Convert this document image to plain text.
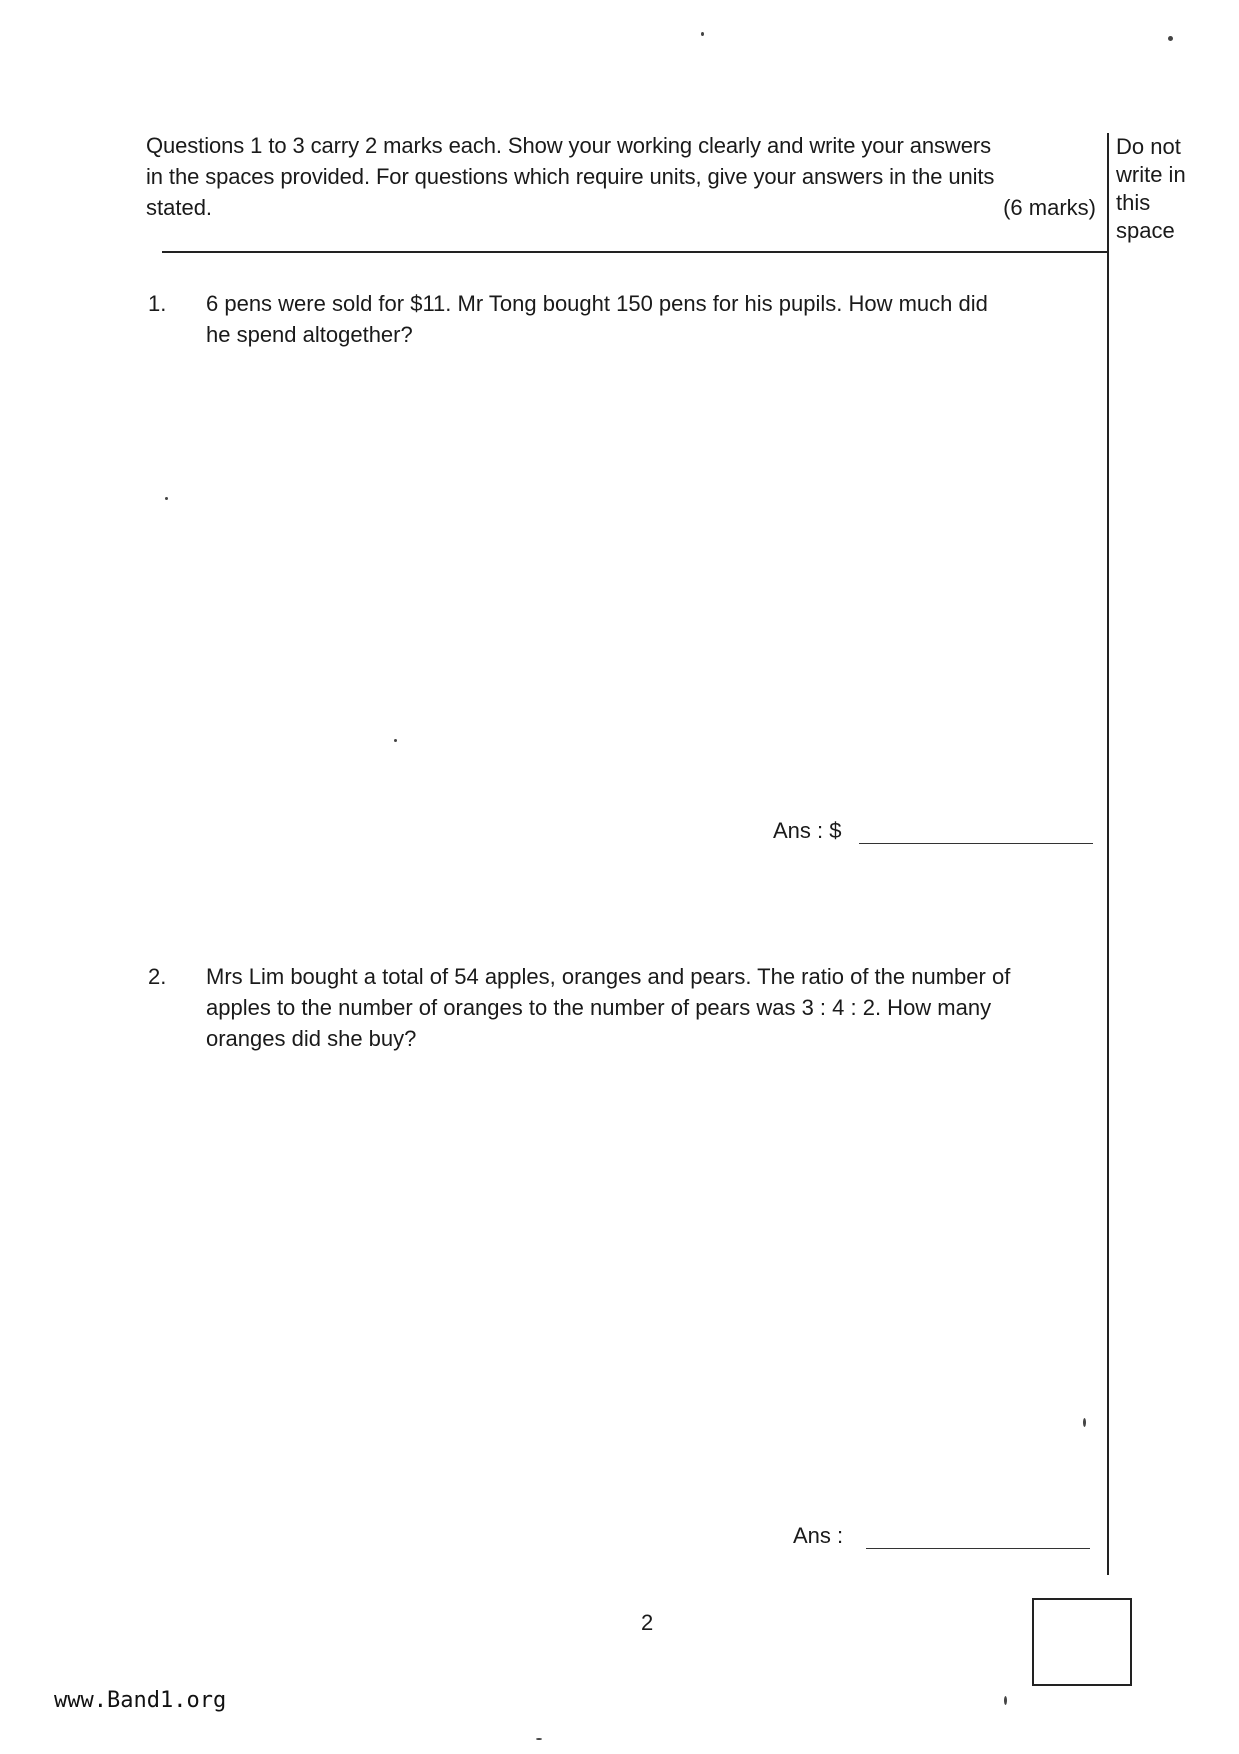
Questions 1 to 3 carry 2 marks each. Show your working clearly and write your answers
in the spaces provided. For questions which require units, give your answers in the units
stated.	(6 marks)
Do not
write in
this
space
1. 6 pens were sold for $11. Mr Tong bought 150 pens for his pupils. How much did
he spend altogether?
Ans : $
2. Mrs Lim bought a total of 54 apples, oranges and pears. The ratio of the number of
apples to the number of oranges to the number of pears was 3 : 4 : 2. How many
oranges did she buy?
Ans :
2
www.Band1.org
